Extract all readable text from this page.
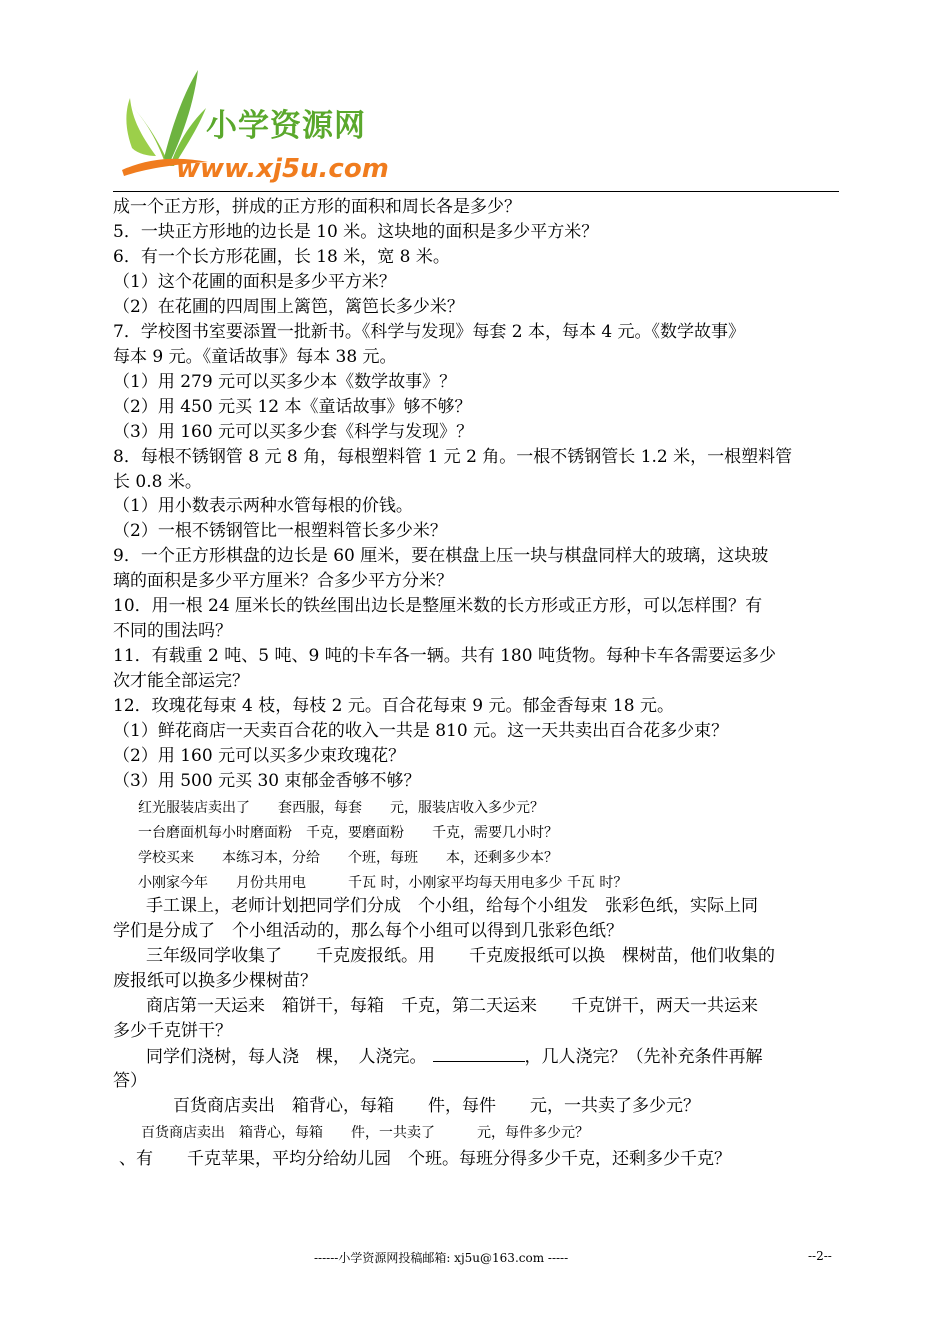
小学资源网
www.xj5u.com
成一个正方形，拼成的正方形的面积和周长各是多少？
5．一块正方形地的边长是 10 米。这块地的面积是多少平方米？
6．有一个长方形花圃，长 18 米，宽 8 米。
（1）这个花圃的面积是多少平方米？
（2）在花圃的四周围上篱笆，篱笆长多少米？
7．学校图书室要添置一批新书。《科学与发现》每套 2 本，每本 4 元。《数学故事》
每本 9 元。《童话故事》每本 38 元。
（1）用 279 元可以买多少本《数学故事》？
（2）用 450 元买 12 本《童话故事》够不够？
（3）用 160 元可以买多少套《科学与发现》？
8．每根不锈钢管 8 元 8 角，每根塑料管 1 元 2 角。一根不锈钢管长 1.2 米，一根塑料管
长 0.8 米。
（1）用小数表示两种水管每根的价钱。
（2）一根不锈钢管比一根塑料管长多少米？
9．一个正方形棋盘的边长是 60 厘米，要在棋盘上压一块与棋盘同样大的玻璃，这块玻
璃的面积是多少平方厘米？合多少平方分米？
10．用一根 24 厘米长的铁丝围出边长是整厘米数的长方形或正方形，可以怎样围？有
不同的围法吗？
11．有载重 2 吨、5 吨、9 吨的卡车各一辆。共有 180 吨货物。每种卡车各需要运多少
次才能全部运完？
12．玫瑰花每束 4 枝，每枝 2 元。百合花每束 9 元。郁金香每束 18 元。
（1）鲜花商店一天卖百合花的收入一共是 810 元。这一天共卖出百合花多少束？
（2）用 160 元可以买多少束玫瑰花？
（3）用 500 元买 30 束郁金香够不够？
红光服装店卖出了　　套西服，每套　　元，服装店收入多少元？
一台磨面机每小时磨面粉　千克，要磨面粉　　千克，需要几小时？
学校买来　　本练习本，分给　　个班，每班　　本，还剩多少本？
小刚家今年　　月份共用电　　　千瓦 时，小刚家平均每天用电多少 千瓦 时？
手工课上，老师计划把同学们分成　个小组，给每个小组发　张彩色纸，实际上同
学们是分成了　个小组活动的，那么每个小组可以得到几张彩色纸？
三年级同学收集了　　千克废报纸。用　　千克废报纸可以换　棵树苗，他们收集的
废报纸可以换多少棵树苗？
商店第一天运来　箱饼干，每箱　千克，第二天运来　　千克饼干，两天一共运来
多少千克饼干？
同学们浇树，每人浇　棵，　人浇完。	，几人浇完？（先补充条件再解
答）
百货商店卖出　箱背心，每箱　　件，每件　　元，一共卖了多少元？
百货商店卖出　箱背心，每箱　　件，一共卖了　　　元，每件多少元？
、有　　千克苹果，平均分给幼儿园　个班。每班分得多少千克，还剩多少千克？
------小学资源网投稿邮箱: xj5u@163.com -----	--2--
